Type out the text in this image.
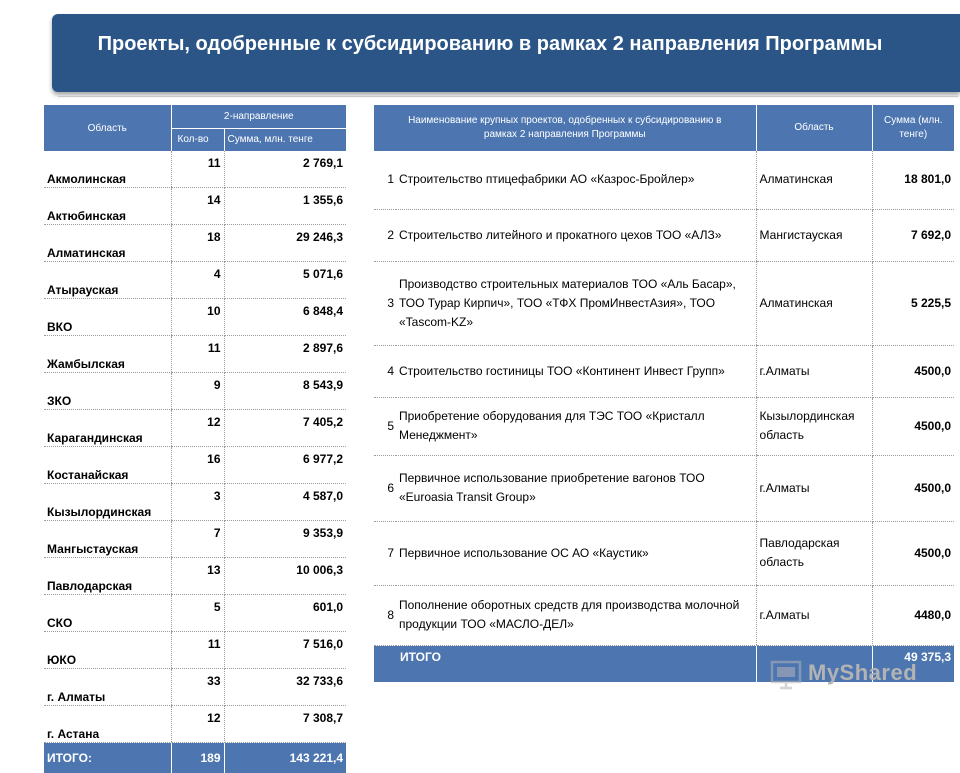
Проекты, одобренные к субсидированию в рамках 2 направления Программы
Область	2-направление	
	Кол-во	Сумма, млн. тенге
Акмолинская	11	2 769,1
Актюбинская	14	1 355,6
Алматинская	18	29 246,3
Атырауская	4	5 071,6
ВКО	10	6 848,4
Жамбылская	11	2 897,6
ЗКО	9	8 543,9
Карагандинская	12	7 405,2
Костанайская	16	6 977,2
Кызылординская	3	4 587,0
Мангыстауская	7	9 353,9
Павлодарская	13	10 006,3
СКО	5	601,0
ЮКО	11	7 516,0
г. Алматы	33	32 733,6
г. Астана	12	7 308,7
ИТОГО:	189	143 221,4
Наименование крупных проектов, одобренных к субсидированию в рамках 2 направления Программы		Область	Сумма (млн. тенге)
1	Строительство птицефабрики АО «Казрос-Бройлер»	Алматинская	18 801,0
2	Строительство литейного и прокатного цехов ТОО «АЛЗ»	Мангистауская	7 692,0
3	Производство строительных материалов ТОО «Аль Басар», ТОО Турар Кирпич», ТОО «ТФХ ПромИнвестАзия», ТОО «Tascom-KZ»	Алматинская	5 225,5
4	Строительство гостиницы ТОО «Континент Инвест Групп»	г.Алматы	4500,0
5	Приобретение оборудования для ТЭС ТОО «Кристалл Менеджмент»	Кызылординская область	4500,0
6	Первичное использование приобретение вагонов ТОО «Euroasia Transit Group»	г.Алматы	4500,0
7	Первичное использование ОС АО «Каустик»	Павлодарская область	4500,0
8	Пополнение оборотных средств для производства молочной продукции ТОО «МАСЛО-ДЕЛ»	г.Алматы	4480,0
	ИТОГО		49 375,3
MyShared
